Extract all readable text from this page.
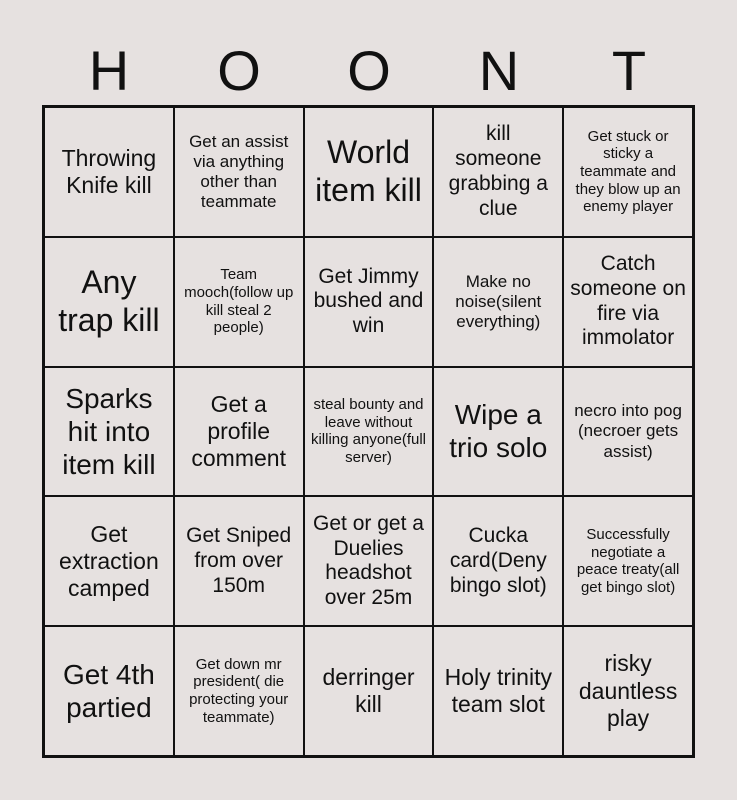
H	O	O	N	T
Throwing Knife kill
Get an assist via anything other than teammate
World item kill
kill someone grabbing a clue
Get stuck or sticky a teammate and they blow up an enemy player
Any trap kill
Team mooch(follow up kill steal 2 people)
Get Jimmy bushed and win
Make no noise(silent everything)
Catch someone on fire via immolator
Sparks hit into item kill
Get a profile comment
steal bounty and leave without killing anyone(full server)
Wipe a trio solo
necro into pog (necroer gets assist)
Get extraction camped
Get Sniped from over 150m
Get or get a Duelies headshot over 25m
Cucka card(Deny bingo slot)
Successfully negotiate a peace treaty(all get bingo slot)
Get 4th partied
Get down mr president( die protecting your teammate)
derringer kill
Holy trinity team slot
risky dauntless play
